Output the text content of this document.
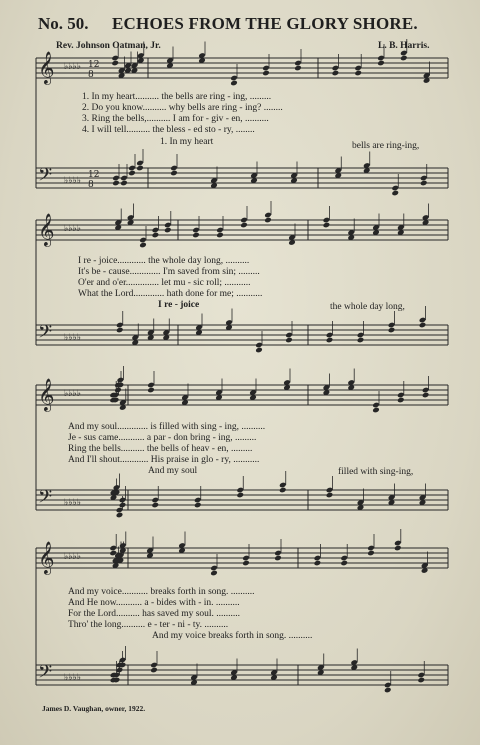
𝄞
𝄢
♭♭♭♭
♭♭♭♭
12
8
12
8
𝄞
𝄢
♭♭♭♭
♭♭♭♭
𝄞
𝄢
♭♭♭♭
♭♭♭♭
𝄞
𝄢
♭♭♭♭
♭♭♭♭
No. 50. ECHOES FROM THE GLORY SHORE.
Rev. Johnson Oatman, Jr.	L. B. Harris.
1. In my heart.......... the bells are ring - ing, .........
2. Do you know.......... why bells are ring - ing? ........
3. Ring the bells,.......... I am for - giv - en, ..........
4. I will tell.......... the bless - ed sto - ry, ........
1. In my heart	bells are ring-ing,
I re - joice............ the whole day long, ..........
It's be - cause............. I'm saved from sin; .........
O'er and o'er.............. let mu - sic roll; ...........
What the Lord............. hath done for me; ...........
I re - joice	the whole day long,
And my soul............. is filled with sing - ing, ..........
Je - sus came........... a par - don bring - ing, .........
Ring the bells.......... the bells of heav - en, .........
And I'll shout............ His praise in glo - ry, ...........
And my soul	filled with sing-ing,
And my voice........... breaks forth in song. ..........
And He now........... a - bides with - in. ..........
For the Lord.......... has saved my soul. ..........
Thro' the long.......... e - ter - ni - ty. ..........
And my voice breaks forth in song. ..........
James D. Vaughan, owner, 1922.
